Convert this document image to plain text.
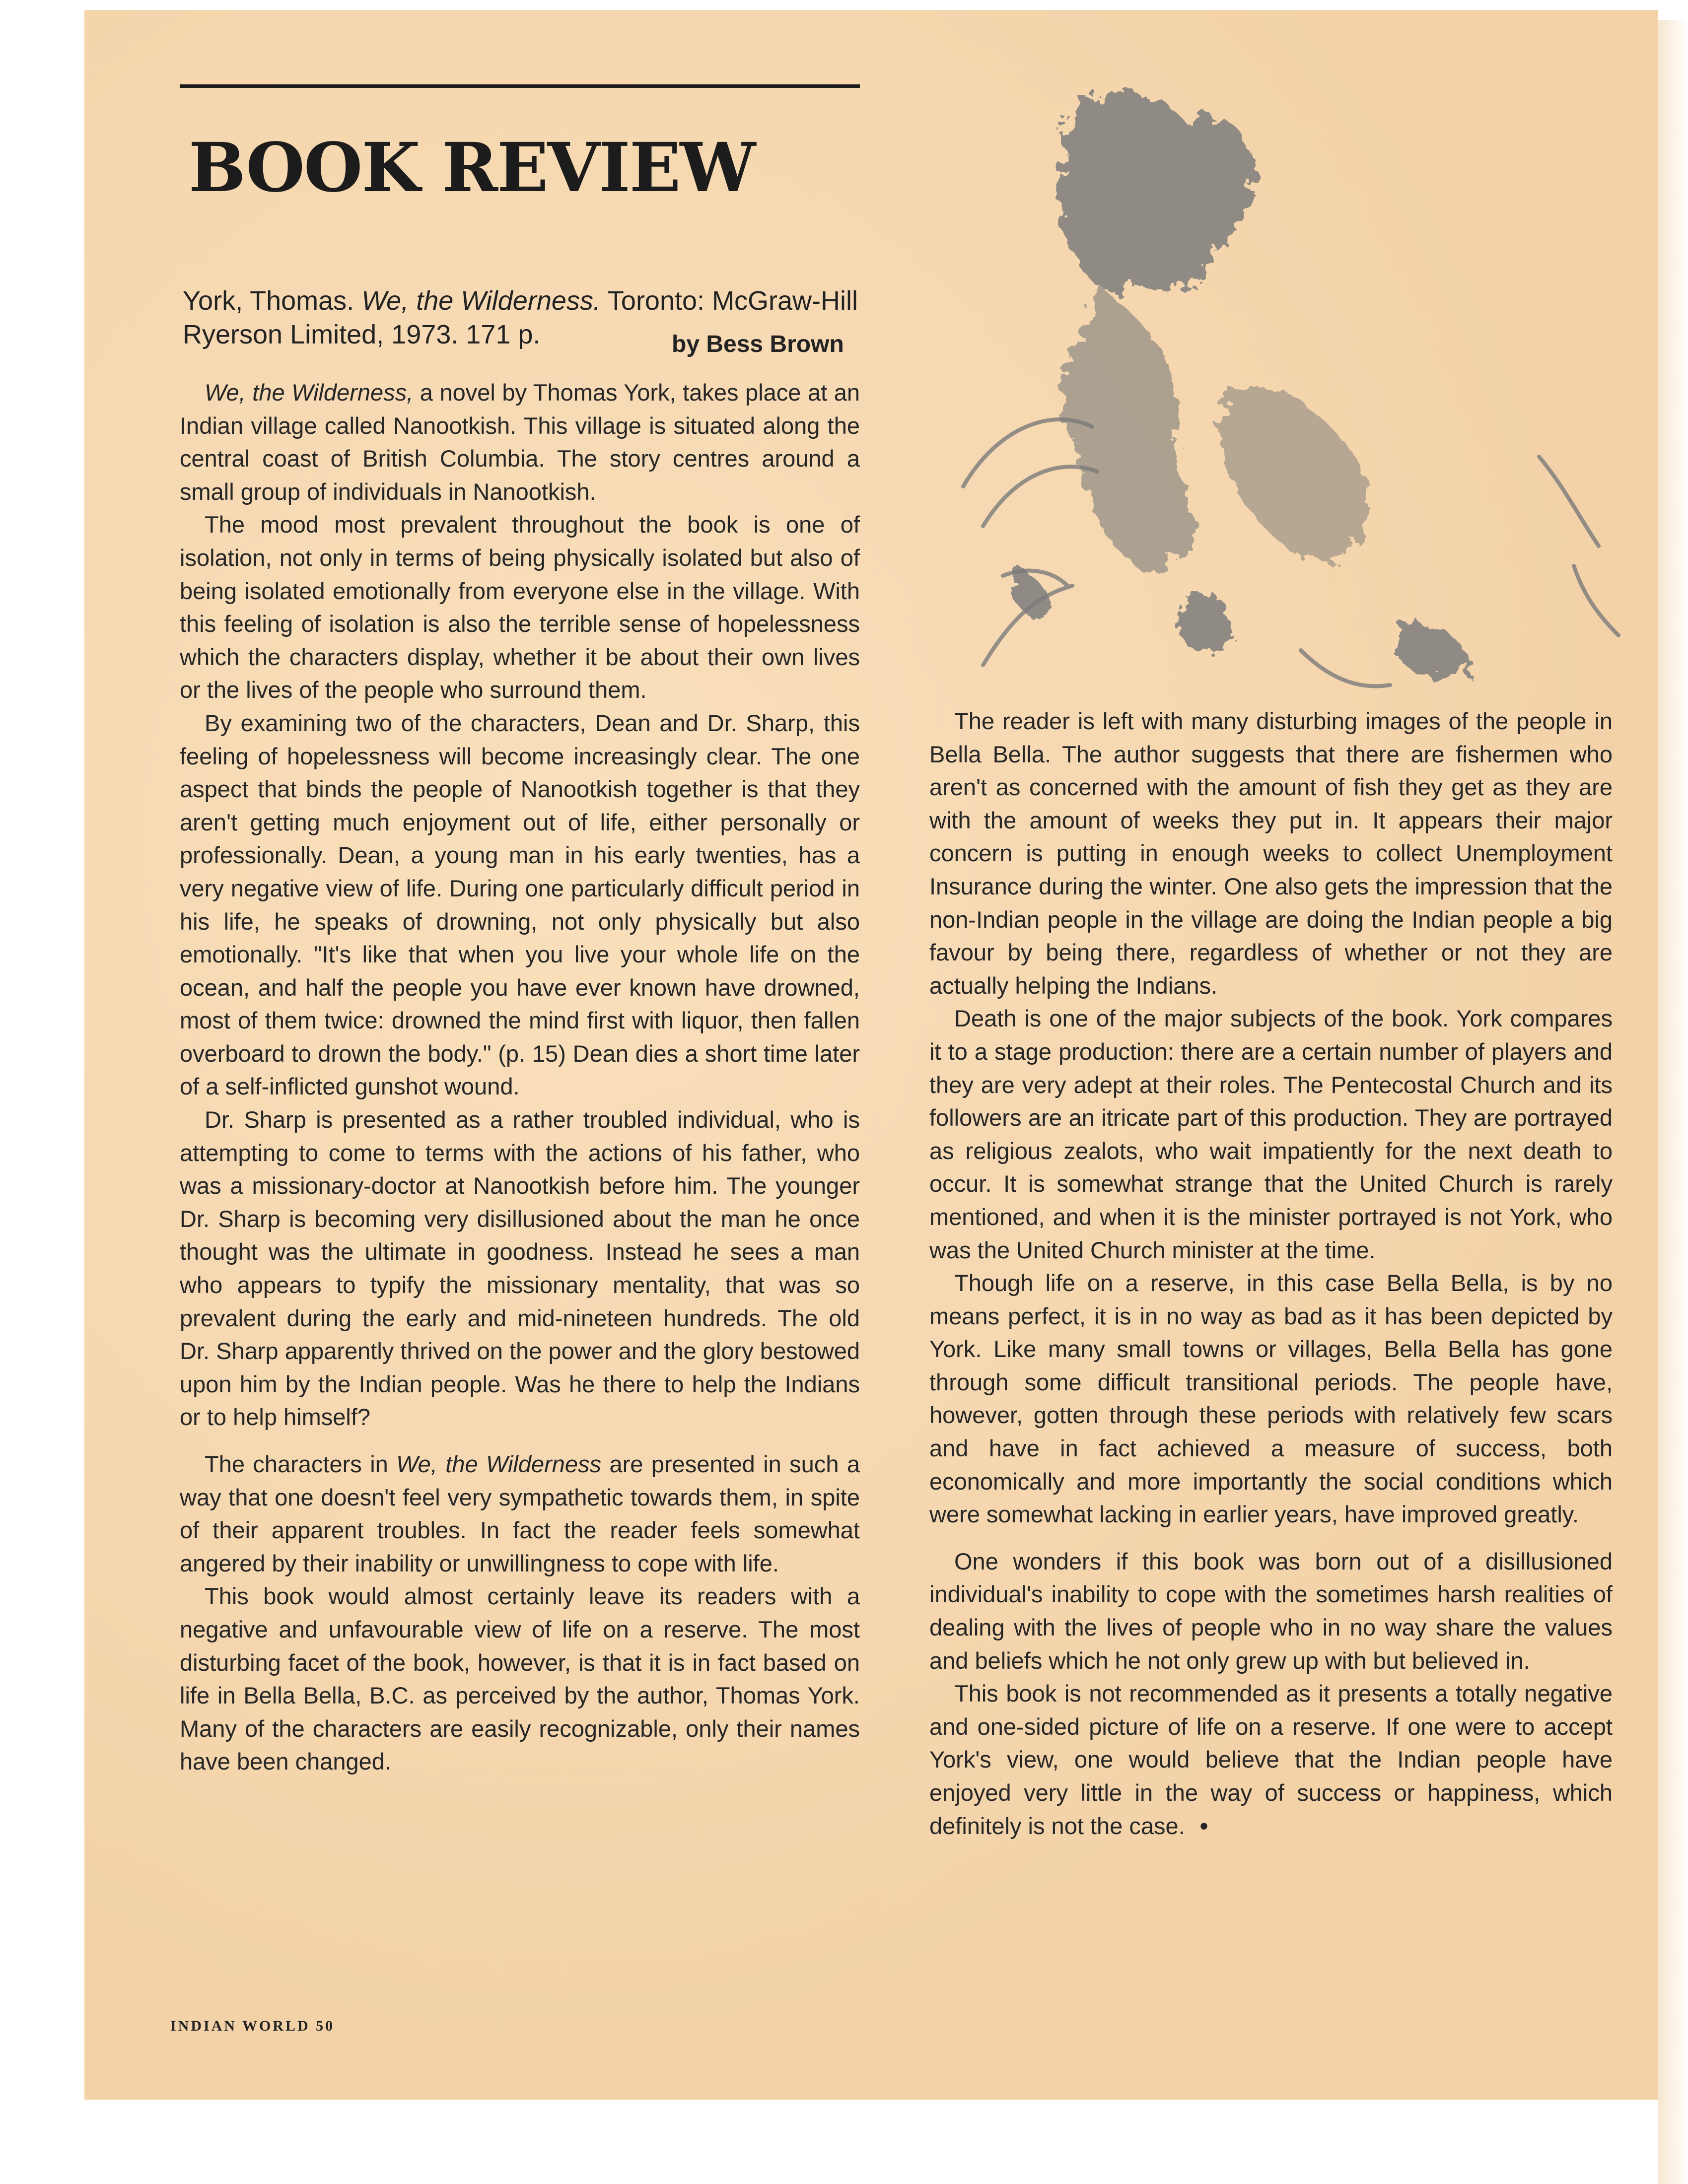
BOOK REVIEW
York, Thomas. We, the Wilderness. Toronto: McGraw-Hill Ryerson Limited, 1973. 171 p.	by Bess Brown

We, the Wilderness, a novel by Thomas York, takes place at an Indian village called Nanootkish. This village is situated along the central coast of British Columbia. The story centres around a small group of individuals in Nanootkish.

The mood most prevalent throughout the book is one of isolation, not only in terms of being physically isolated but also of being isolated emotionally from everyone else in the village. With this feeling of isolation is also the terrible sense of hopelessness which the characters display, whether it be about their own lives or the lives of the people who surround them.

By examining two of the characters, Dean and Dr. Sharp, this feeling of hopelessness will become increasingly clear. The one aspect that binds the people of Nanootkish together is that they aren't getting much enjoyment out of life, either personally or professionally. Dean, a young man in his early twenties, has a very negative view of life. During one particularly difficult period in his life, he speaks of drowning, not only physically but also emotionally. "It's like that when you live your whole life on the ocean, and half the people you have ever known have drowned, most of them twice: drowned the mind first with liquor, then fallen overboard to drown the body." (p. 15) Dean dies a short time later of a self-inflicted gunshot wound.

Dr. Sharp is presented as a rather troubled individual, who is attempting to come to terms with the actions of his father, who was a missionary-doctor at Nanootkish before him. The younger Dr. Sharp is becoming very disillusioned about the man he once thought was the ultimate in goodness. Instead he sees a man who appears to typify the missionary mentality, that was so prevalent during the early and mid-nineteen hundreds. The old Dr. Sharp apparently thrived on the power and the glory bestowed upon him by the Indian people. Was he there to help the Indians or to help himself?

The characters in We, the Wilderness are presented in such a way that one doesn't feel very sympathetic towards them, in spite of their apparent troubles. In fact the reader feels somewhat angered by their inability or unwillingness to cope with life.

This book would almost certainly leave its readers with a negative and unfavourable view of life on a reserve. The most disturbing facet of the book, however, is that it is in fact based on life in Bella Bella, B.C. as perceived by the author, Thomas York. Many of the characters are easily recognizable, only their names have been changed.

The reader is left with many disturbing images of the people in Bella Bella. The author suggests that there are fishermen who aren't as concerned with the amount of fish they get as they are with the amount of weeks they put in. It appears their major concern is putting in enough weeks to collect Unemployment Insurance during the winter. One also gets the impression that the non-Indian people in the village are doing the Indian people a big favour by being there, regardless of whether or not they are actually helping the Indians.

Death is one of the major subjects of the book. York compares it to a stage production: there are a certain number of players and they are very adept at their roles. The Pentecostal Church and its followers are an itricate part of this production. They are portrayed as religious zealots, who wait impatiently for the next death to occur. It is somewhat strange that the United Church is rarely mentioned, and when it is the minister portrayed is not York, who was the United Church minister at the time.

Though life on a reserve, in this case Bella Bella, is by no means perfect, it is in no way as bad as it has been depicted by York. Like many small towns or villages, Bella Bella has gone through some difficult transitional periods. The people have, however, gotten through these periods with relatively few scars and have in fact achieved a measure of success, both economically and more importantly the social conditions which were somewhat lacking in earlier years, have improved greatly.

One wonders if this book was born out of a disillusioned individual's inability to cope with the sometimes harsh realities of dealing with the lives of people who in no way share the values and beliefs which he not only grew up with but believed in.

This book is not recommended as it presents a totally negative and one-sided picture of life on a reserve. If one were to accept York's view, one would believe that the Indian people have enjoyed very little in the way of success or happiness, which definitely is not the case. •

INDIAN WORLD 50
